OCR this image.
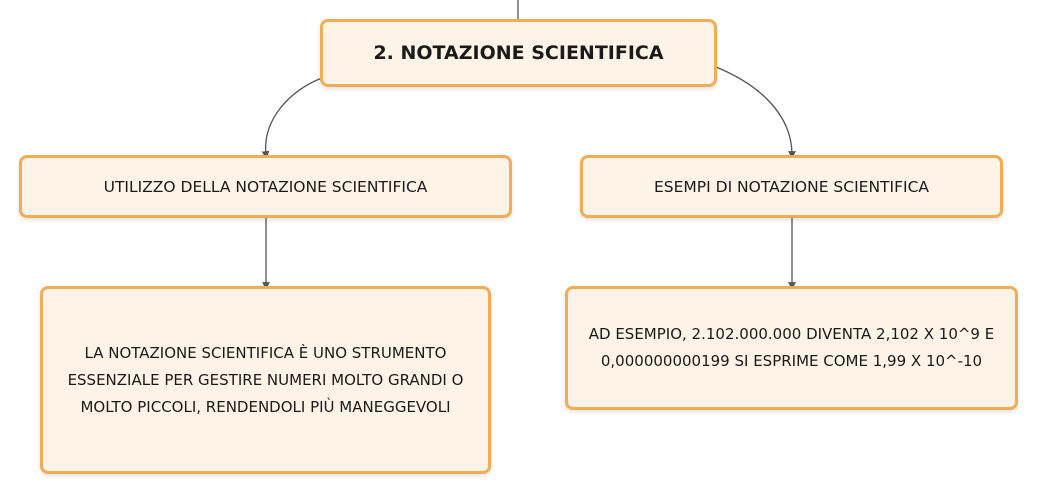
2. NOTAZIONE SCIENTIFICA
UTILIZZO DELLA NOTAZIONE SCIENTIFICA	ESEMPI DI NOTAZIONE SCIENTIFICA
LA NOTAZIONE SCIENTIFICA È UNO STRUMENTO ESSENZIALE PER GESTIRE NUMERI MOLTO GRANDI O MOLTO PICCOLI, RENDENDOLI PIÙ MANEGGEVOLI
AD ESEMPIO, 2.102.000.000 DIVENTA 2,102 X 10^9 E 0,000000000199 SI ESPRIME COME 1,99 X 10^-10
